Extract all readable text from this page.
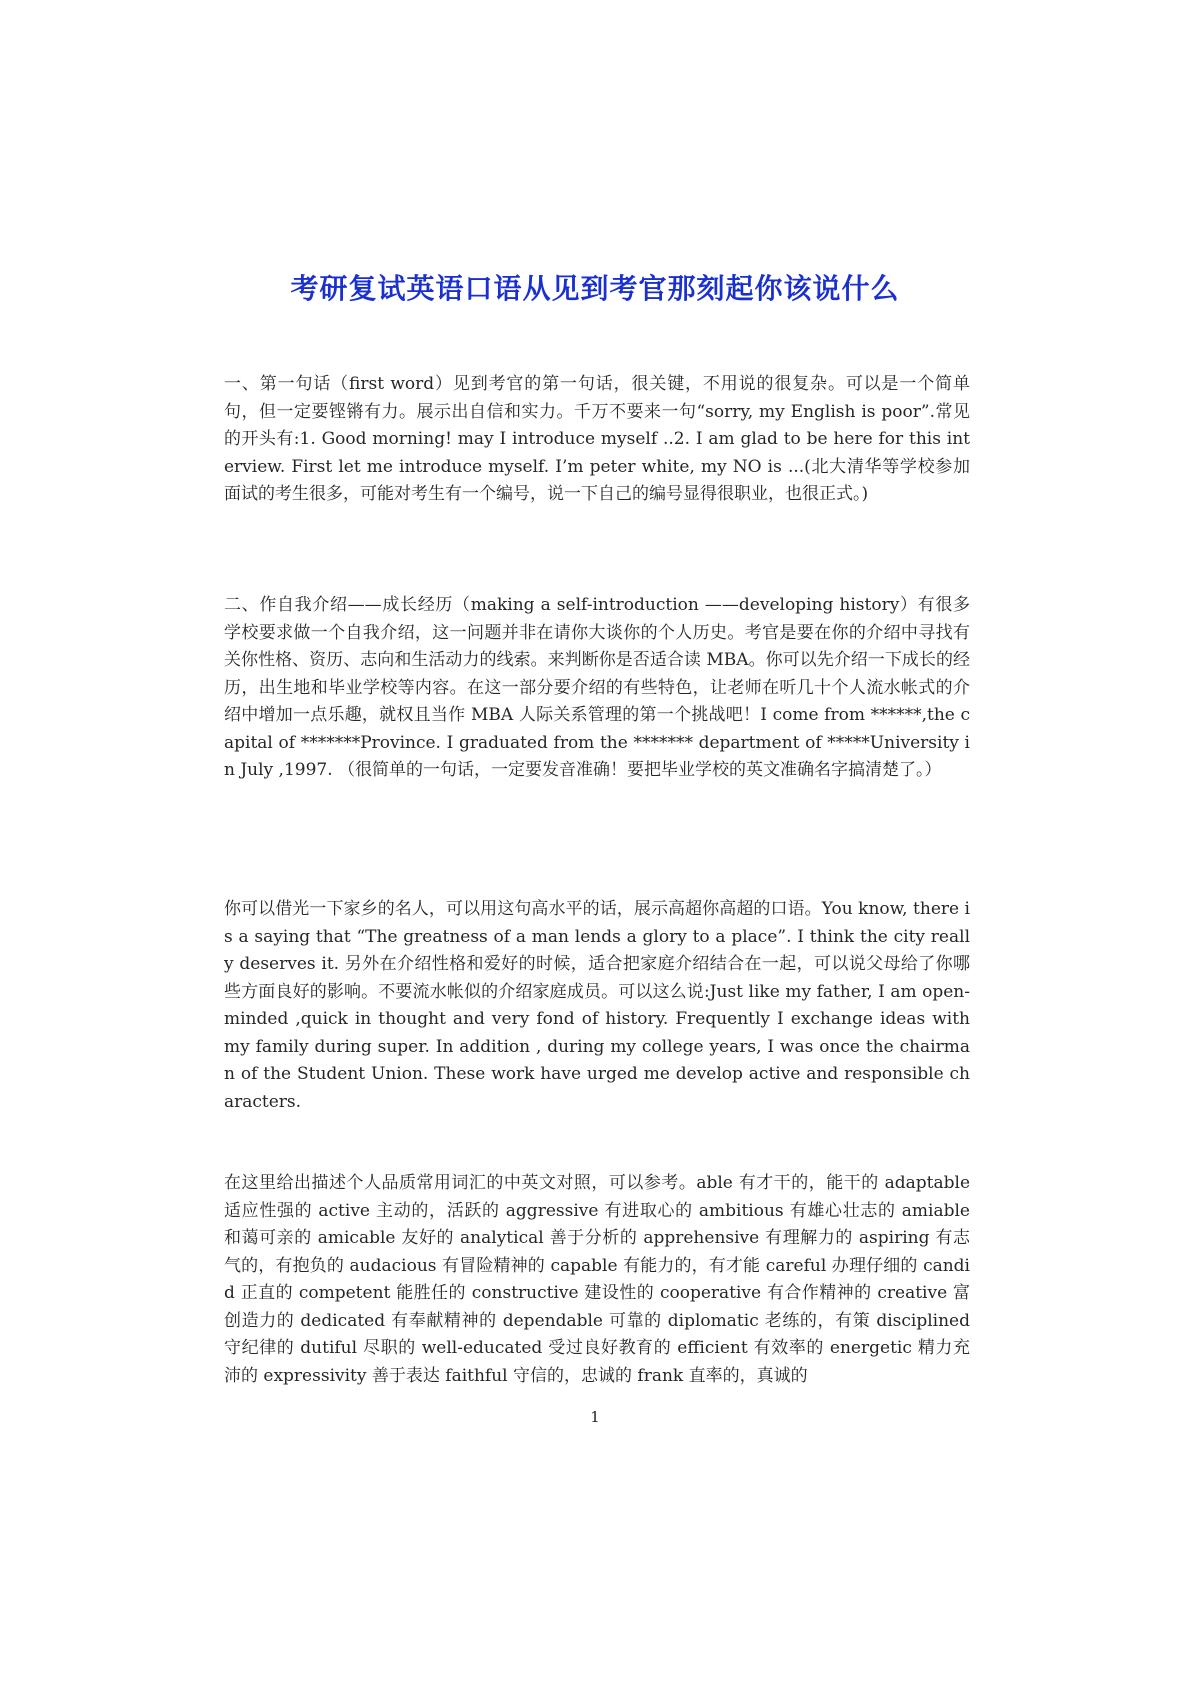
考研复试英语口语从见到考官那刻起你该说什么

一、第一句话（first word）见到考官的第一句话，很关键，不用说的很复杂。可以是一个简单句，但一定要铿锵有力。展示出自信和实力。千万不要来一句“sorry, my English is poor”.常见的开头有:1. Good morning! may I introduce myself ..2. I am glad to be here for this interview. First let me introduce myself. I’m peter white, my NO is ...(北大清华等学校参加面试的考生很多，可能对考生有一个编号，说一下自己的编号显得很职业，也很正式。)

二、作自我介绍——成长经历（making a self-introduction ——developing history）有很多学校要求做一个自我介绍，这一问题并非在请你大谈你的个人历史。考官是要在你的介绍中寻找有关你性格、资历、志向和生活动力的线索。来判断你是否适合读 MBA。你可以先介绍一下成长的经历，出生地和毕业学校等内容。在这一部分要介绍的有些特色，让老师在听几十个人流水帐式的介绍中增加一点乐趣，就权且当作 MBA 人际关系管理的第一个挑战吧！I come from ******,the capital of *******Province. I graduated from the ******* department of *****University in July ,1997. （很简单的一句话，一定要发音准确！要把毕业学校的英文准确名字搞清楚了。）

你可以借光一下家乡的名人，可以用这句高水平的话，展示高超你高超的口语。You know, there is a saying that “The greatness of a man lends a glory to a place”. I think the city really deserves it. 另外在介绍性格和爱好的时候，适合把家庭介绍结合在一起，可以说父母给了你哪些方面良好的影响。不要流水帐似的介绍家庭成员。可以这么说:Just like my father, I am open-minded ,quick in thought and very fond of history. Frequently I exchange ideas with my family during super. In addition , during my college years, I was once the chairman of the Student Union. These work have urged me develop active and responsible characters.

在这里给出描述个人品质常用词汇的中英文对照，可以参考。able 有才干的，能干的 adaptable 适应性强的 active 主动的，活跃的 aggressive 有进取心的 ambitious 有雄心壮志的 amiable 和蔼可亲的 amicable 友好的 analytical 善于分析的 apprehensive 有理解力的 aspiring 有志气的，有抱负的 audacious 有冒险精神的 capable 有能力的，有才能 careful 办理仔细的 candid 正直的 competent 能胜任的 constructive 建设性的 cooperative 有合作精神的 creative 富创造力的 dedicated 有奉献精神的 dependable 可靠的 diplomatic 老练的，有策 disciplined 守纪律的 dutiful 尽职的 well-educated 受过良好教育的 efficient 有效率的 energetic 精力充沛的 expressivity 善于表达 faithful 守信的，忠诚的 frank 直率的，真诚的

1
